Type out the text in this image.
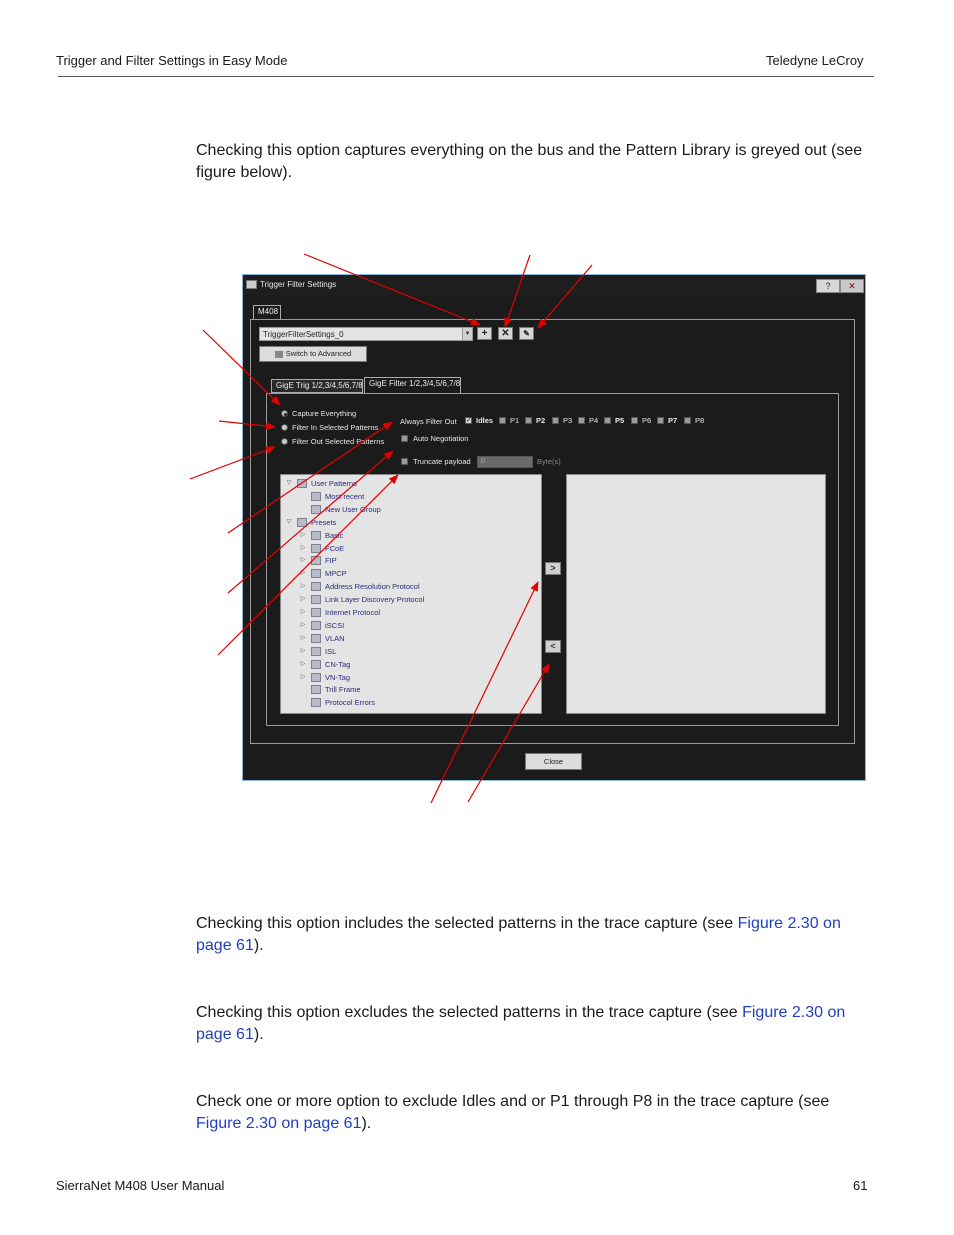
Trigger and Filter Settings in Easy Mode	Teledyne LeCroy
Checking this option captures everything on the bus and the Pattern Library is greyed out (see figure below).
Trigger Filter Settings	?	✕
M408
TriggerFilterSettings_0	▼	+	✕	✎
Switch to Advanced
GigE Trig 1/2,3/4,5/6,7/8 GigE Filter 1/2,3/4,5/6,7/8
Capture Everything
Filter In Selected Patterns
Filter Out Selected Patterns
Always Filter Out ✓ Idles P1 P2 P3 P4 P5 P6 P7 P8
Auto Negotiation
Truncate payload	0	Byte(s)
▽	User Patterns
Most recent
New User Group
▽	Presets
▷	Basic
▷	FCoE
▷	FIP
▷	MPCP
▷	Address Resolution Protocol
▷	Link Layer Discovery Protocol
▷	Internet Protocol
▷	iSCSI
▷	VLAN
▷	ISL
▷	CN-Tag
▷	VN-Tag
Trill Frame
Protocol Errors
>
<
Close
Checking this option includes the selected patterns in the trace capture (see Figure 2.30 on page 61).
Checking this option excludes the selected patterns in the trace capture (see Figure 2.30 on page 61).
Check one or more option to exclude Idles and or P1 through P8 in the trace capture (see Figure 2.30 on page 61).
SierraNet M408 User Manual	61
